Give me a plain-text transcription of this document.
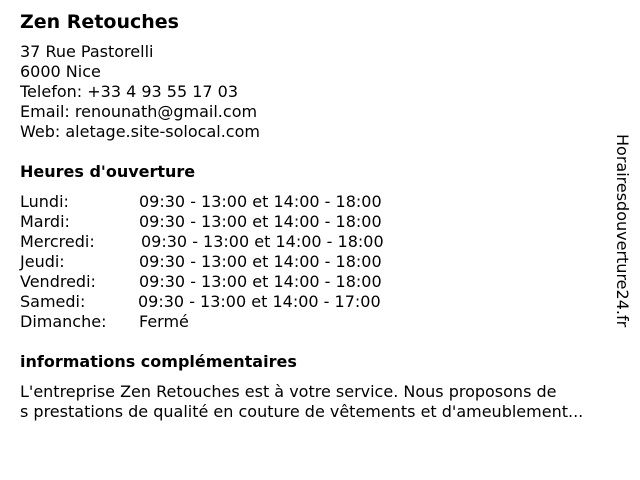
Zen Retouches
37 Rue Pastorelli
6000 Nice
Telefon: +33 4 93 55 17 03
Email: renounath@gmail.com
Web: aletage.site-solocal.com
Heures d'ouverture
Lundi:	09:30 - 13:00 et 14:00 - 18:00
Mardi:	09:30 - 13:00 et 14:00 - 18:00
Mercredi:	09:30 - 13:00 et 14:00 - 18:00
Jeudi:	09:30 - 13:00 et 14:00 - 18:00
Vendredi:	09:30 - 13:00 et 14:00 - 18:00
Samedi:	09:30 - 13:00 et 14:00 - 17:00
Dimanche:	Fermé
informations complémentaires
L'entreprise Zen Retouches est à votre service. Nous proposons de
s prestations de qualité en couture de vêtements et d'ameublement...
Horairesdouverture24.fr
